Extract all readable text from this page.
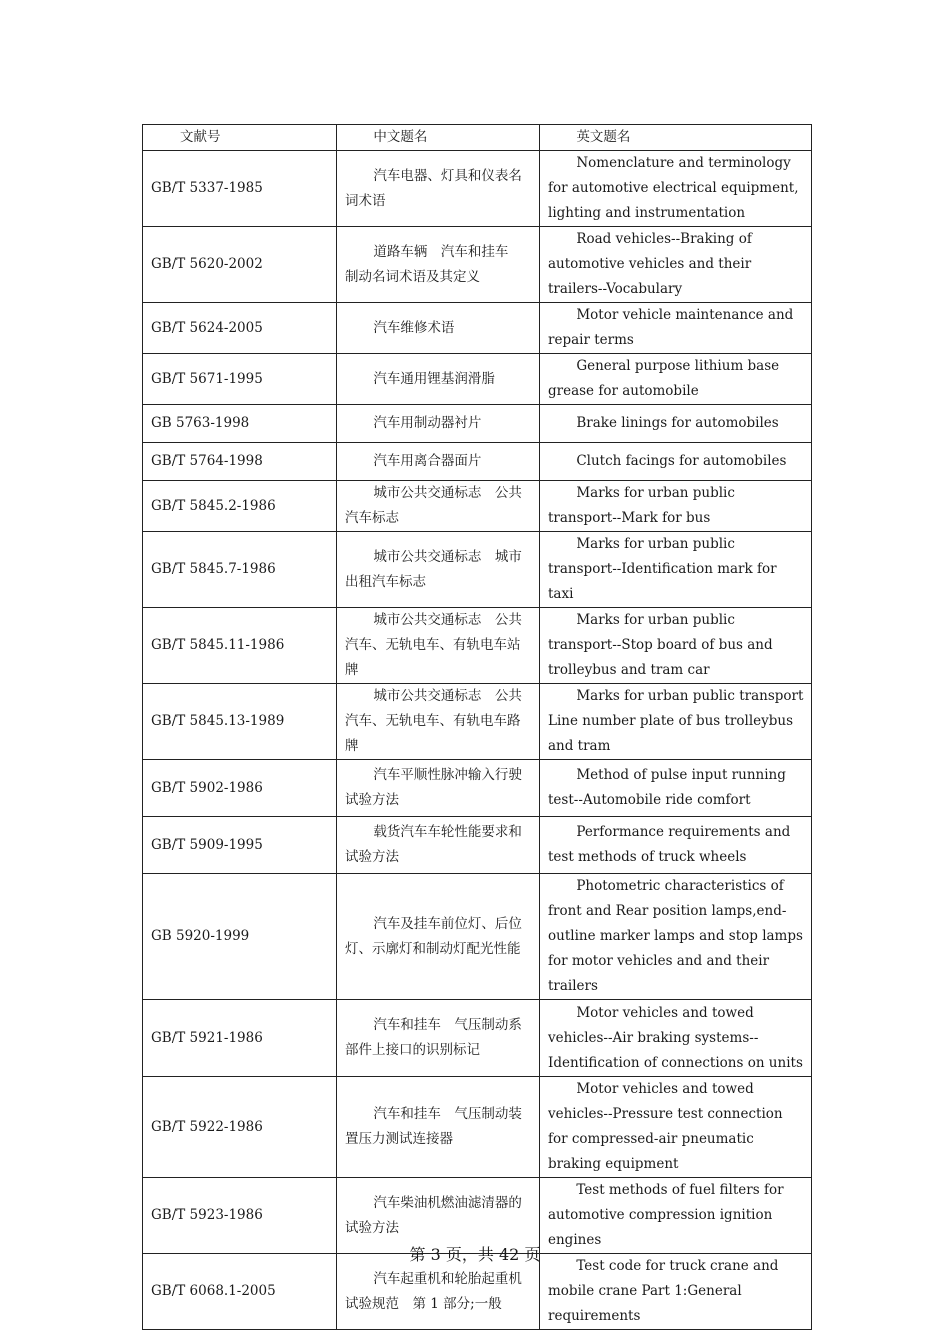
文献号	中文题名	英文题名
GB/T 5337-1985	汽车电器、灯具和仪表名词术语	Nomenclature and terminology for automotive electrical equipment, lighting and instrumentation
GB/T 5620-2002	道路车辆　汽车和挂车　制动名词术语及其定义	Road vehicles--Braking of automotive vehicles and their trailers--Vocabulary
GB/T 5624-2005	汽车维修术语	Motor vehicle maintenance and repair terms
GB/T 5671-1995	汽车通用锂基润滑脂	General purpose lithium base grease for automobile
GB 5763-1998	汽车用制动器衬片	Brake linings for automobiles
GB/T 5764-1998	汽车用离合器面片	Clutch facings for automobiles
GB/T 5845.2-1986	城市公共交通标志　公共汽车标志	Marks for urban public transport--Mark for bus
GB/T 5845.7-1986	城市公共交通标志　城市出租汽车标志	Marks for urban public transport--Identification mark for taxi
GB/T 5845.11-1986	城市公共交通标志　公共汽车、无轨电车、有轨电车站牌	Marks for urban public transport--Stop board of bus and trolleybus and tram car
GB/T 5845.13-1989	城市公共交通标志　公共汽车、无轨电车、有轨电车路牌	Marks for urban public transport Line number plate of bus trolleybus and tram
GB/T 5902-1986	汽车平顺性脉冲输入行驶试验方法	Method of pulse input running test--Automobile ride comfort
GB/T 5909-1995	载货汽车车轮性能要求和试验方法	Performance requirements and test methods of truck wheels
GB 5920-1999	汽车及挂车前位灯、后位灯、示廓灯和制动灯配光性能	Photometric characteristics of front and Rear position lamps,end-outline marker lamps and stop lamps for motor vehicles and and their trailers
GB/T 5921-1986	汽车和挂车　气压制动系部件上接口的识别标记	Motor vehicles and towed vehicles--Air braking systems--Identification of connections on units
GB/T 5922-1986	汽车和挂车　气压制动装置压力测试连接器	Motor vehicles and towed vehicles--Pressure test connection for compressed-air pneumatic braking equipment
GB/T 5923-1986	汽车柴油机燃油滤清器的试验方法	Test methods of fuel filters for automotive compression ignition engines
GB/T 6068.1-2005	汽车起重机和轮胎起重机试验规范　第 1 部分;一般	Test code for truck crane and mobile crane Part 1:General requirements
第 3 页，共 42 页
